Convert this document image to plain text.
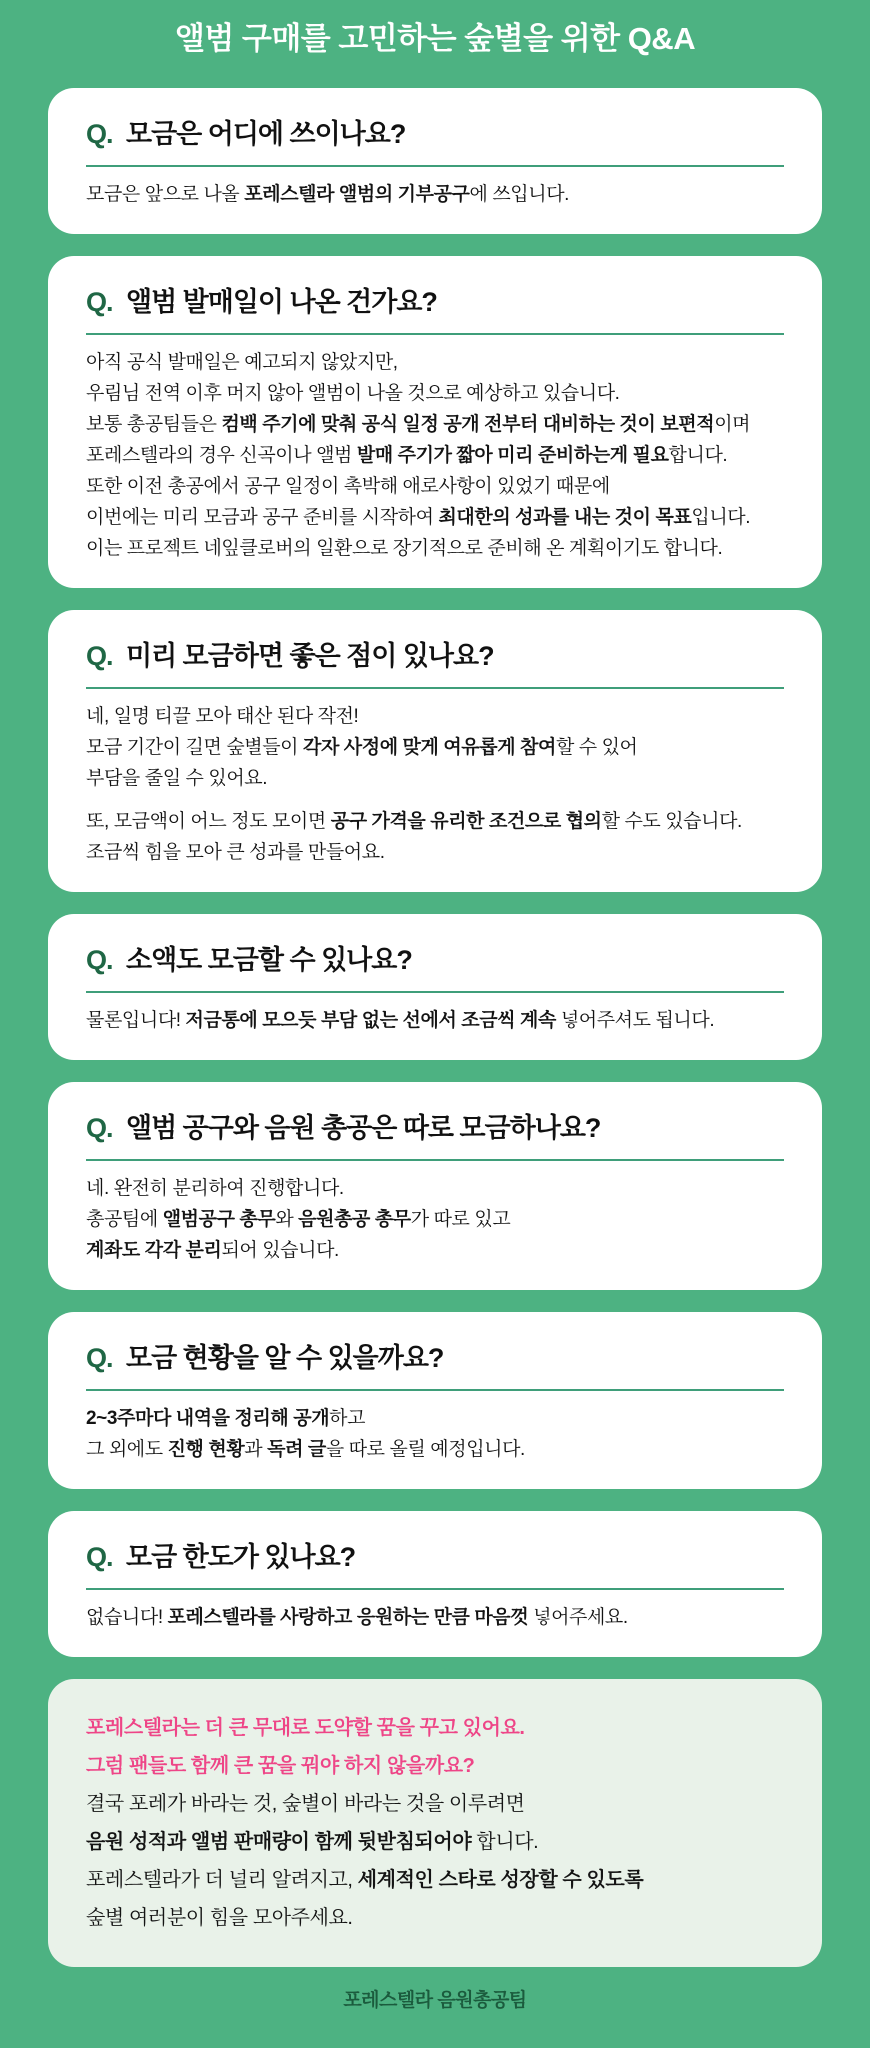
앨범 구매를 고민하는 숲별을 위한 Q&A
Q. 모금은 어디에 쓰이나요?

모금은 앞으로 나올 포레스텔라 앨범의 기부공구에 쓰입니다.

Q. 앨범 발매일이 나온 건가요?

아직 공식 발매일은 예고되지 않았지만,

우림님 전역 이후 머지 않아 앨범이 나올 것으로 예상하고 있습니다.

보통 총공팀들은 컴백 주기에 맞춰 공식 일정 공개 전부터 대비하는 것이 보편적이며

포레스텔라의 경우 신곡이나 앨범 발매 주기가 짧아 미리 준비하는게 필요합니다.

또한 이전 총공에서 공구 일정이 촉박해 애로사항이 있었기 때문에

이번에는 미리 모금과 공구 준비를 시작하여 최대한의 성과를 내는 것이 목표입니다.

이는 프로젝트 네잎클로버의 일환으로 장기적으로 준비해 온 계획이기도 합니다.

Q. 미리 모금하면 좋은 점이 있나요?

네, 일명 티끌 모아 태산 된다 작전!

모금 기간이 길면 숲별들이 각자 사정에 맞게 여유롭게 참여할 수 있어

부담을 줄일 수 있어요.

또, 모금액이 어느 정도 모이면 공구 가격을 유리한 조건으로 협의할 수도 있습니다.

조금씩 힘을 모아 큰 성과를 만들어요.

Q. 소액도 모금할 수 있나요?

물론입니다! 저금통에 모으듯 부담 없는 선에서 조금씩 계속 넣어주셔도 됩니다.

Q. 앨범 공구와 음원 총공은 따로 모금하나요?

네. 완전히 분리하여 진행합니다.

총공팀에 앨범공구 총무와 음원총공 총무가 따로 있고

계좌도 각각 분리되어 있습니다.

Q. 모금 현황을 알 수 있을까요?

2~3주마다 내역을 정리해 공개하고

그 외에도 진행 현황과 독려 글을 따로 올릴 예정입니다.

Q. 모금 한도가 있나요?

없습니다! 포레스텔라를 사랑하고 응원하는 만큼 마음껏 넣어주세요.

포레스텔라는 더 큰 무대로 도약할 꿈을 꾸고 있어요.

그럼 팬들도 함께 큰 꿈을 꿔야 하지 않을까요?

결국 포레가 바라는 것, 숲별이 바라는 것을 이루려면

음원 성적과 앨범 판매량이 함께 뒷받침되어야 합니다.

포레스텔라가 더 널리 알려지고, 세계적인 스타로 성장할 수 있도록

숲별 여러분이 힘을 모아주세요.

포레스텔라 음원총공팀
